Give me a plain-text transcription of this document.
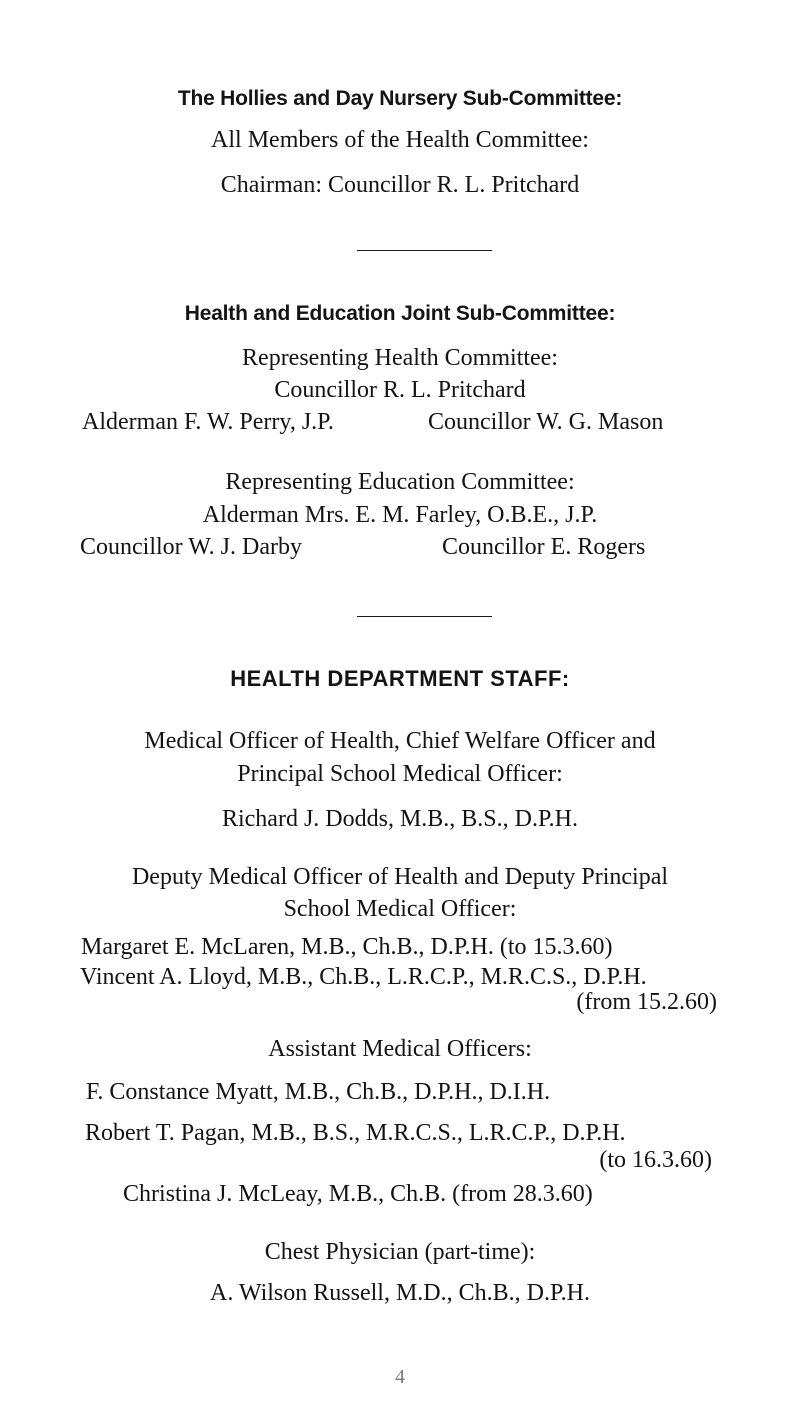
The Hollies and Day Nursery Sub-Committee:
All Members of the Health Committee:
Chairman: Councillor R. L. Pritchard
Health and Education Joint Sub-Committee:
Representing Health Committee:
Councillor R. L. Pritchard
Alderman F. W. Perry, J.P.	Councillor W. G. Mason
Representing Education Committee:
Alderman Mrs. E. M. Farley, O.B.E., J.P.
Councillor W. J. Darby	Councillor E. Rogers
HEALTH DEPARTMENT STAFF:
Medical Officer of Health, Chief Welfare Officer and
Principal School Medical Officer:
Richard J. Dodds, M.B., B.S., D.P.H.
Deputy Medical Officer of Health and Deputy Principal
School Medical Officer:
Margaret E. McLaren, M.B., Ch.B., D.P.H. (to 15.3.60)
Vincent A. Lloyd, M.B., Ch.B., L.R.C.P., M.R.C.S., D.P.H.
(from 15.2.60)
Assistant Medical Officers:
F. Constance Myatt, M.B., Ch.B., D.P.H., D.I.H.
Robert T. Pagan, M.B., B.S., M.R.C.S., L.R.C.P., D.P.H.
(to 16.3.60)
Christina J. McLeay, M.B., Ch.B. (from 28.3.60)
Chest Physician (part-time):
A. Wilson Russell, M.D., Ch.B., D.P.H.
4
